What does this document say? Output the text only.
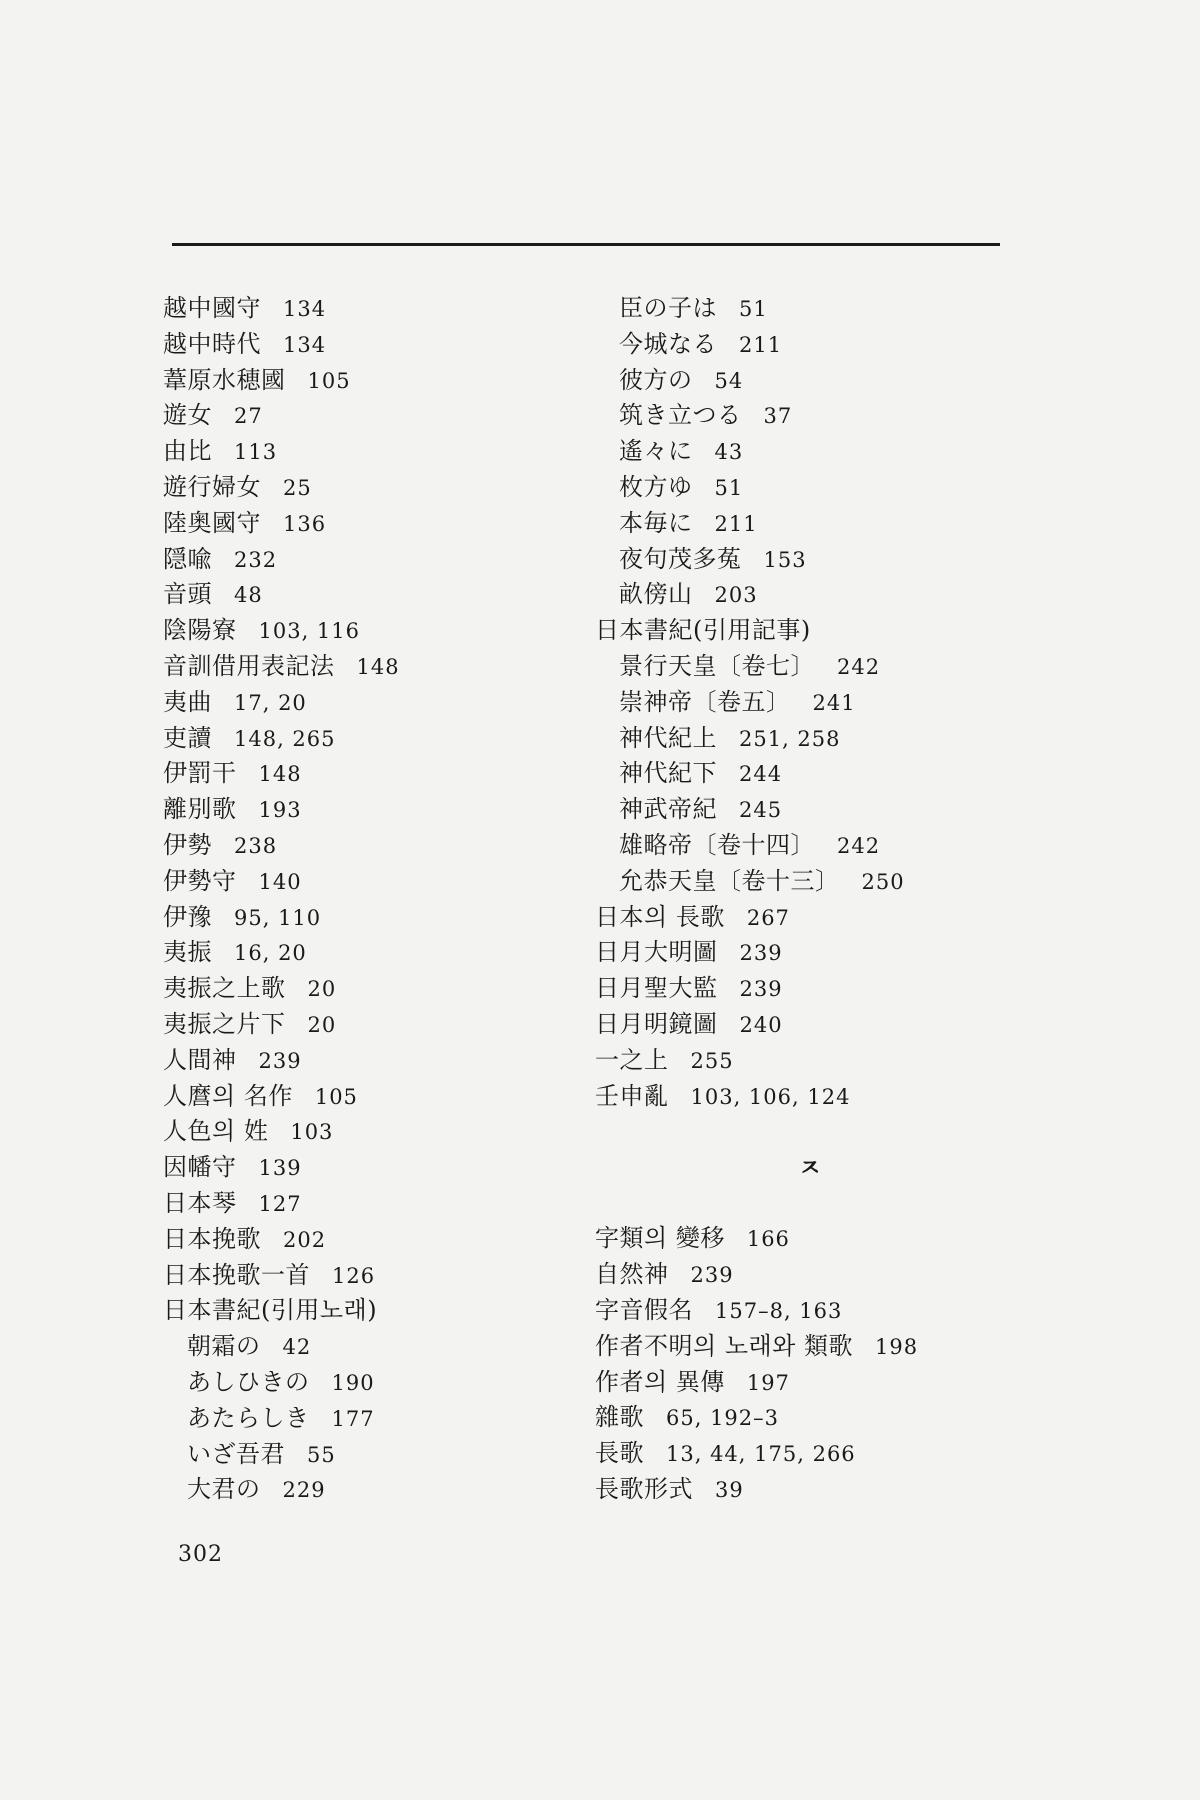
越中國守 134
越中時代 134
葦原水穂國 105
遊女 27
由比 113
遊行婦女 25
陸奥國守 136
隠喩 232
音頭 48
陰陽寮 103, 116
音訓借用表記法 148
夷曲 17, 20
吏讀 148, 265
伊罰干 148
離別歌 193
伊勢 238
伊勢守 140
伊豫 95, 110
夷振 16, 20
夷振之上歌 20
夷振之片下 20
人間神 239
人麿의 名作 105
人色의 姓 103
因幡守 139
日本琴 127
日本挽歌 202
日本挽歌一首 126
日本書紀(引用노래)
朝霜の 42
あしひきの 190
あたらしき 177
いざ吾君 55
大君の 229
臣の子は 51
今城なる 211
彼方の 54
筑き立つる 37
遙々に 43
枚方ゆ 51
本毎に 211
夜句茂多菟 153
畝傍山 203
日本書紀(引用記事)
景行天皇〔卷七〕 242
崇神帝〔卷五〕 241
神代紀上 251, 258
神代紀下 244
神武帝紀 245
雄略帝〔卷十四〕 242
允恭天皇〔卷十三〕 250
日本의 長歌 267
日月大明圖 239
日月聖大監 239
日月明鏡圖 240
一之上 255
壬申亂 103, 106, 124
ㅈ
字類의 變移 166
自然神 239
字音假名 157–8, 163
作者不明의 노래와 類歌 198
作者의 異傳 197
雜歌 65, 192–3
長歌 13, 44, 175, 266
長歌形式 39
302
